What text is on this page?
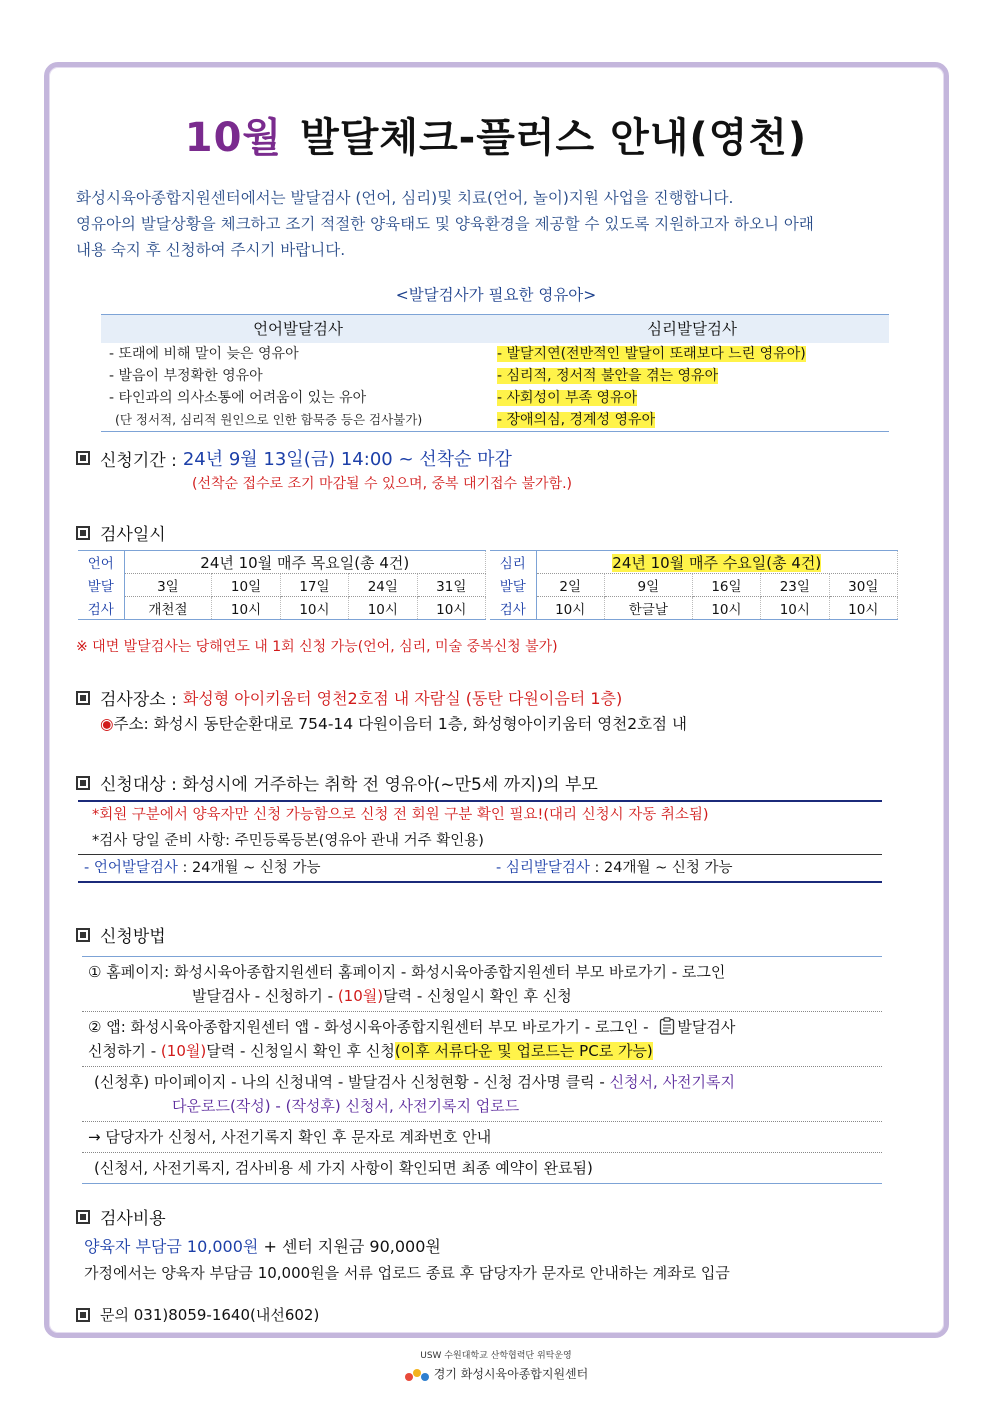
10월 발달체크-플러스 안내(영천)
화성시육아종합지원센터에서는 발달검사 (언어, 심리)및 치료(언어, 놀이)지원 사업을 진행합니다.
영유아의 발달상황을 체크하고 조기 적절한 양육태도 및 양육환경을 제공할 수 있도록 지원하고자 하오니 아래
내용 숙지 후 신청하여 주시기 바랍니다.
<발달검사가 필요한 영유아>
언어발달검사	심리발달검사
- 또래에 비해 말이 늦은 영유아	- 발달지연(전반적인 발달이 또래보다 느린 영유아)
- 발음이 부정확한 영유아	- 심리적, 정서적 불안을 겪는 영유아
- 타인과의 의사소통에 어려움이 있는 유아	- 사회성이 부족 영유아
(단 정서적, 심리적 원인으로 인한 함묵증 등은 검사불가)	- 장애의심, 경계성 영유아
신청기간 : 24년 9월 13일(금) 14:00 ~ 선착순 마감
(선착순 접수로 조기 마감될 수 있으며, 중복 대기접수 불가함.)
검사일시
언어	24년 10월 매주 목요일(총 4건)				
발달	3일	10일	17일	24일	31일
검사	개천절	10시	10시	10시	10시
심리	24년 10월 매주 수요일(총 4건)				
발달	2일	9일	16일	23일	30일
검사	10시	한글날	10시	10시	10시
※ 대면 발달검사는 당해연도 내 1회 신청 가능(언어, 심리, 미술 중복신청 불가)
검사장소 : 화성형 아이키움터 영천2호점 내 자람실 (동탄 다원이음터 1층)
◉주소: 화성시 동탄순환대로 754-14 다원이음터 1층, 화성형아이키움터 영천2호점 내
신청대상 : 화성시에 거주하는 취학 전 영유아(~만5세 까지)의 부모
*회원 구분에서 양육자만 신청 가능함으로 신청 전 회원 구분 확인 필요!(대리 신청시 자동 취소됨)
*검사 당일 준비 사항: 주민등록등본(영유아 관내 거주 확인용)
- 언어발달검사 : 24개월 ~ 신청 가능	- 심리발달검사 : 24개월 ~ 신청 가능
신청방법
① 홈페이지: 화성시육아종합지원센터 홈페이지 - 화성시육아종합지원센터 부모 바로가기 - 로그인
발달검사 - 신청하기 - (10월)달력 - 신청일시 확인 후 신청
② 앱: 화성시육아종합지원센터 앱 - 화성시육아종합지원센터 부모 바로가기 - 로그인 - 발달검사
신청하기 - (10월)달력 - 신청일시 확인 후 신청(이후 서류다운 및 업로드는 PC로 가능)
(신청후) 마이페이지 - 나의 신청내역 - 발달검사 신청현황 - 신청 검사명 클릭 - 신청서, 사전기록지
다운로드(작성) - (작성후) 신청서, 사전기록지 업로드
→ 담당자가 신청서, 사전기록지 확인 후 문자로 계좌번호 안내
(신청서, 사전기록지, 검사비용 세 가지 사항이 확인되면 최종 예약이 완료됨)
검사비용
양육자 부담금 10,000원 + 센터 지원금 90,000원
가정에서는 양육자 부담금 10,000원을 서류 업로드 종료 후 담당자가 문자로 안내하는 계좌로 입금
문의 031)8059-1640(내선602)
USW 수원대학교 산학협력단 위탁운영
경기 화성시육아종합지원센터
